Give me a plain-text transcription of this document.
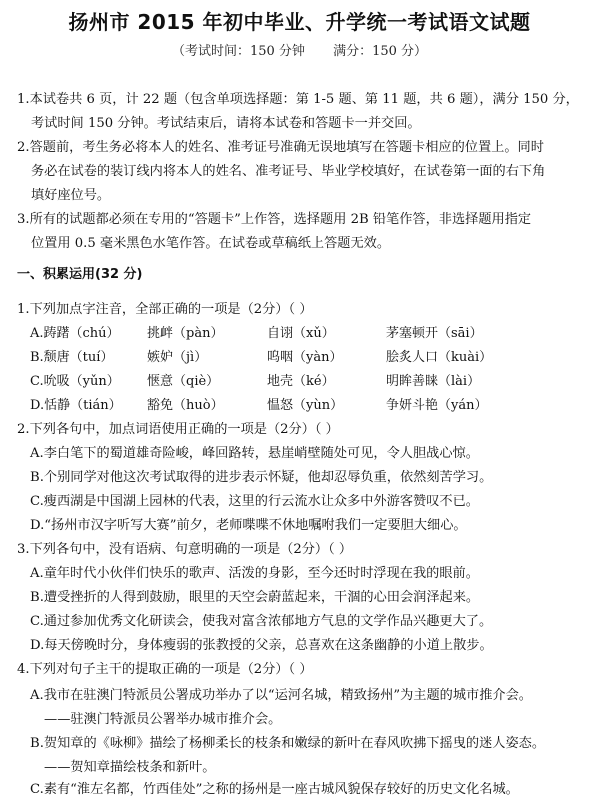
扬州市 2015 年初中毕业、升学统一考试语文试题
（考试时间：150 分钟 满分：150 分）
1.本试卷共 6 页，计 22 题（包含单项选择题：第 1-5 题、第 11 题，共 6 题），满分 150 分，
考试时间 150 分钟。考试结束后，请将本试卷和答题卡一并交回。
2.答题前，考生务必将本人的姓名、准考证号准确无误地填写在答题卡相应的位置上。同时
务必在试卷的装订线内将本人的姓名、准考证号、毕业学校填好，在试卷第一面的右下角
填好座位号。
3.所有的试题都必须在专用的“答题卡”上作答，选择题用 2B 铅笔作答，非选择题用指定
位置用 0.5 毫米黑色水笔作答。在试卷或草稿纸上答题无效。
一、积累运用(32 分)
1.下列加点字注音，全部正确的一项是（2分）（ ）
A.踌躇（chú） 挑衅（pàn）	自诩（xǔ）	茅塞顿开（sāi）
B.颓唐（tuí）	嫉妒（jì）	呜咽（yàn）	脍炙人口（kuài）
C.吮吸（yǔn） 惬意（qiè）	地壳（ké）	明眸善睐（lài）
D.恬静（tián） 豁免（huò）	愠怒（yùn）	争妍斗艳（yán）
2.下列各句中，加点词语使用正确的一项是（2分）（ ）
A.李白笔下的蜀道雄奇险峻，峰回路转，悬崖峭壁随处可见，令人胆战心惊。
B.个别同学对他这次考试取得的进步表示怀疑，他却忍辱负重，依然刻苦学习。
C.瘦西湖是中国湖上园林的代表，这里的行云流水让众多中外游客赞叹不已。
D.“扬州市汉字听写大赛”前夕，老师喋喋不休地嘱咐我们一定要胆大细心。
3.下列各句中，没有语病、句意明确的一项是（2分）（ ）
A.童年时代小伙伴们快乐的歌声、活泼的身影，至今还时时浮现在我的眼前。
B.遭受挫折的人得到鼓励，眼里的天空会蔚蓝起来，干涸的心田会润泽起来。
C.通过参加优秀文化研读会，使我对富含浓郁地方气息的文学作品兴趣更大了。
D.每天傍晚时分，身体瘦弱的张教授的父亲，总喜欢在这条幽静的小道上散步。
4.下列对句子主干的提取正确的一项是（2分）（ ）
A.我市在驻澳门特派员公署成功举办了以“运河名城，精致扬州”为主题的城市推介会。
——驻澳门特派员公署举办城市推介会。
B.贺知章的《咏柳》描绘了杨柳柔长的枝条和嫩绿的新叶在春风吹拂下摇曳的迷人姿态。
——贺知章描绘枝条和新叶。
C.素有“淮左名都，竹西佳处”之称的扬州是一座古城风貌保存较好的历史文化名城。
